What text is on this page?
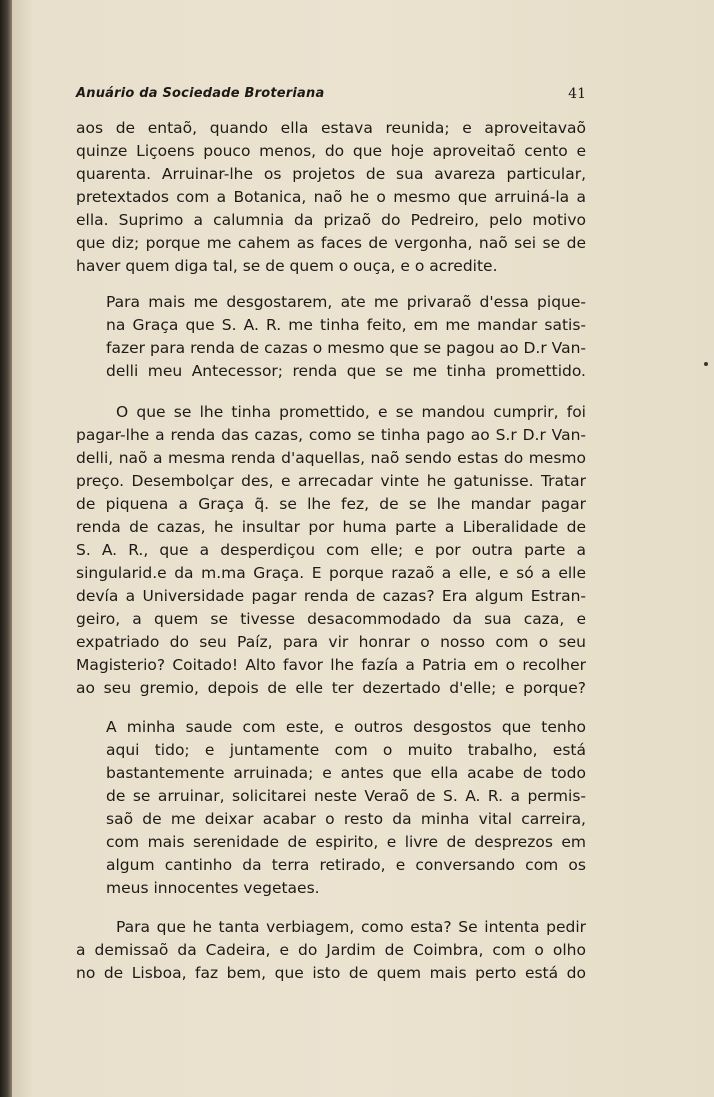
Anuário da Sociedade Broteriana	41
aos de entaõ, quando ella estava reunida; e aproveitavaõ
quinze Liçoens pouco menos, do que hoje aproveitaõ cento e
quarenta. Arruinar-lhe os projetos de sua avareza particular,
pretextados com a Botanica, naõ he o mesmo que arruiná-la a
ella. Suprimo a calumnia da prizaõ do Pedreiro, pelo motivo
que diz; porque me cahem as faces de vergonha, naõ sei se de
haver quem diga tal, se de quem o ouça, e o acredite.
Para mais me desgostarem, ate me privaraõ d'essa pique-
na Graça que S. A. R. me tinha feito, em me mandar satis-
fazer para renda de cazas o mesmo que se pagou ao D.r Van-
delli meu Antecessor; renda que se me tinha promettido.
O que se lhe tinha promettido, e se mandou cumprir, foi
pagar-lhe a renda das cazas, como se tinha pago ao S.r D.r Van-
delli, naõ a mesma renda d'aquellas, naõ sendo estas do mesmo
preço. Desembolçar des, e arrecadar vinte he gatunisse. Tratar
de piquena a Graça q̃. se lhe fez, de se lhe mandar pagar
renda de cazas, he insultar por huma parte a Liberalidade de
S. A. R., que a desperdiçou com elle; e por outra parte a
singularid.e da m.ma Graça. E porque razaõ a elle, e só a elle
devía a Universidade pagar renda de cazas? Era algum Estran-
geiro, a quem se tivesse desacommodado da sua caza, e
expatriado do seu Paíz, para vir honrar o nosso com o seu
Magisterio? Coitado! Alto favor lhe fazía a Patria em o recolher
ao seu gremio, depois de elle ter dezertado d'elle; e porque?
A minha saude com este, e outros desgostos que tenho
aqui tido; e juntamente com o muito trabalho, está
bastantemente arruinada; e antes que ella acabe de todo
de se arruinar, solicitarei neste Veraõ de S. A. R. a permis-
saõ de me deixar acabar o resto da minha vital carreira,
com mais serenidade de espirito, e livre de desprezos em
algum cantinho da terra retirado, e conversando com os
meus innocentes vegetaes.
Para que he tanta verbiagem, como esta? Se intenta pedir
a demissaõ da Cadeira, e do Jardim de Coimbra, com o olho
no de Lisboa, faz bem, que isto de quem mais perto está do
